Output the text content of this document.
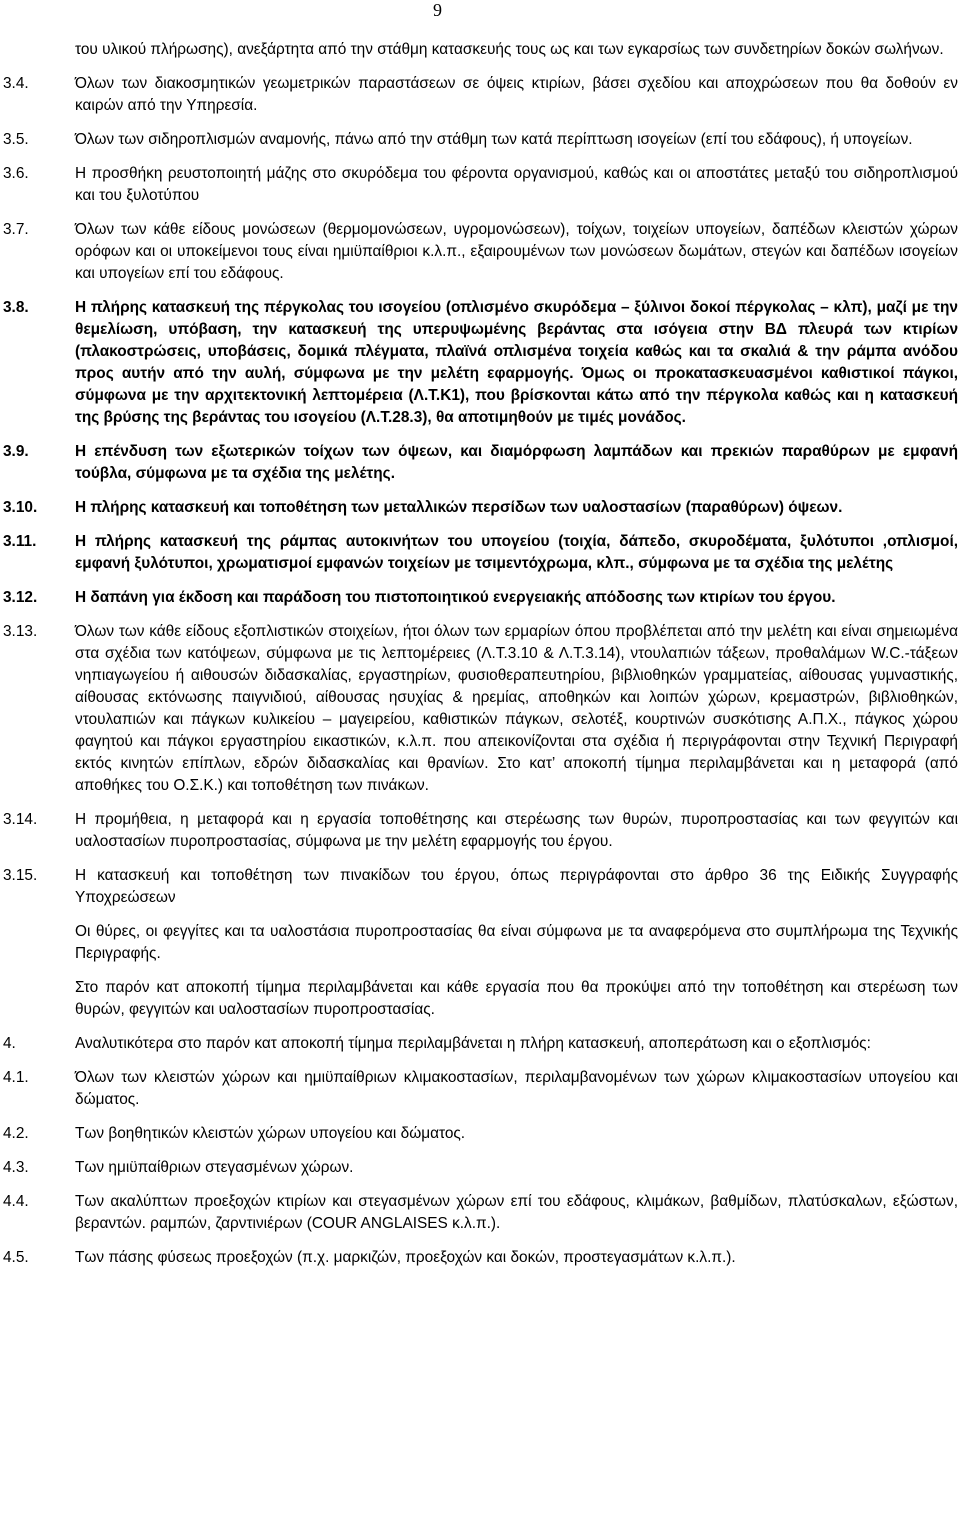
9
του υλικού πλήρωσης), ανεξάρτητα από την στάθμη κατασκευής τους ως και των εγκαρσίως των συνδετηρίων δοκών σωλήνων.
3.4.	Όλων των διακοσμητικών γεωμετρικών παραστάσεων σε όψεις κτιρίων, βάσει σχεδίου και αποχρώσεων που θα δοθούν εν καιρών από την Υπηρεσία.
3.5.	Όλων των σιδηροπλισμών αναμονής, πάνω από την στάθμη των κατά περίπτωση ισογείων (επί του εδάφους), ή υπογείων.
3.6.	Η προσθήκη ρευστοποιητή μάζης στο σκυρόδεμα του φέροντα οργανισμού, καθώς και οι αποστάτες μεταξύ του σιδηροπλισμού και του ξυλοτύπου
3.7.	Όλων των κάθε είδους μονώσεων (θερμομονώσεων, υγρομονώσεων), τοίχων, τοιχείων υπογείων, δαπέδων κλειστών χώρων ορόφων και οι υποκείμενοι τους είναι ημιϋπαίθριοι κ.λ.π., εξαιρουμένων των μονώσεων δωμάτων, στεγών και δαπέδων ισογείων και υπογείων επί του εδάφους.
3.8.	Η πλήρης κατασκευή της πέργκολας του ισογείου (οπλισμένο σκυρόδεμα – ξύλινοι δοκοί πέργκολας – κλπ), μαζί με την θεμελίωση, υπόβαση, την κατασκευή της υπερυψωμένης βεράντας στα ισόγεια στην ΒΔ πλευρά των κτιρίων (πλακοστρώσεις, υποβάσεις, δομικά πλέγματα, πλαϊνά οπλισμένα τοιχεία καθώς και τα σκαλιά & την ράμπα ανόδου προς αυτήν από την αυλή, σύμφωνα με την μελέτη εφαρμογής. Όμως οι προκατασκευασμένοι καθιστικοί πάγκοι, σύμφωνα με την αρχιτεκτονική λεπτομέρεια (Λ.Τ.Κ1), που βρίσκονται κάτω από την πέργκολα καθώς και η κατασκευή της βρύσης της βεράντας του ισογείου (Λ.Τ.28.3), θα αποτιμηθούν με τιμές μονάδος.
3.9.	Η επένδυση των εξωτερικών τοίχων των όψεων, και διαμόρφωση λαμπάδων και πρεκιών παραθύρων με εμφανή τούβλα, σύμφωνα με τα σχέδια της μελέτης.
3.10.	Η πλήρης κατασκευή και τοποθέτηση των μεταλλικών περσίδων των υαλοστασίων (παραθύρων) όψεων.
3.11.	Η πλήρης κατασκευή της ράμπας αυτοκινήτων του υπογείου (τοιχία, δάπεδο, σκυροδέματα, ξυλότυποι ,οπλισμοί, εμφανή ξυλότυποι, χρωματισμοί εμφανών τοιχείων με τσιμεντόχρωμα, κλπ., σύμφωνα με τα σχέδια της μελέτης
3.12.	Η δαπάνη για έκδοση και παράδοση του πιστοποιητικού ενεργειακής απόδοσης των κτιρίων του έργου.
3.13.	Όλων των κάθε είδους εξοπλιστικών στοιχείων, ήτοι όλων των ερμαρίων όπου προβλέπεται από την μελέτη και είναι σημειωμένα στα σχέδια των κατόψεων, σύμφωνα με τις λεπτομέρειες (Λ.Τ.3.10 & Λ.Τ.3.14), ντουλαπιών τάξεων, προθαλάμων W.C.-τάξεων νηπιαγωγείου ή αιθουσών διδασκαλίας, εργαστηρίων, φυσιοθεραπευτηρίου, βιβλιοθηκών γραμματείας, αίθουσας γυμναστικής, αίθουσας εκτόνωσης παιγνιδιού, αίθουσας ησυχίας & ηρεμίας, αποθηκών και λοιπών χώρων, κρεμαστρών, βιβλιοθηκών, ντουλαπιών και πάγκων κυλικείου – μαγειρείου, καθιστικών πάγκων, σελοτέξ, κουρτινών συσκότισης Α.Π.Χ., πάγκος χώρου φαγητού και πάγκοι εργαστηρίου εικαστικών, κ.λ.π. που απεικονίζονται στα σχέδια ή περιγράφονται στην Τεχνική Περιγραφή εκτός κινητών επίπλων, εδρών διδασκαλίας και θρανίων. Στο κατ’ αποκοπή τίμημα περιλαμβάνεται και η μεταφορά (από αποθήκες του Ο.Σ.Κ.) και τοποθέτηση των πινάκων.
3.14.	Η προμήθεια, η μεταφορά και η εργασία τοποθέτησης και στερέωσης των θυρών, πυροπροστασίας και των φεγγιτών και υαλοστασίων πυροπροστασίας, σύμφωνα με την μελέτη εφαρμογής του έργου.
3.15.	Η κατασκευή και τοποθέτηση των πινακίδων του έργου, όπως περιγράφονται στο άρθρο 36 της Ειδικής Συγγραφής Υποχρεώσεων
Οι θύρες, οι φεγγίτες και τα υαλοστάσια πυροπροστασίας θα είναι σύμφωνα με τα αναφερόμενα στο συμπλήρωμα της Τεχνικής Περιγραφής.
Στο παρόν κατ αποκοπή τίμημα περιλαμβάνεται και κάθε εργασία που θα προκύψει από την τοποθέτηση και στερέωση των θυρών, φεγγιτών και υαλοστασίων πυροπροστασίας.
4.	Αναλυτικότερα στο παρόν κατ αποκοπή τίμημα περιλαμβάνεται η πλήρη κατασκευή, αποπεράτωση και ο εξοπλισμός:
4.1.	Όλων των κλειστών χώρων και ημιϋπαίθριων κλιμακοστασίων, περιλαμβανομένων των χώρων κλιμακοστασίων υπογείου και δώματος.
4.2.	Των βοηθητικών κλειστών χώρων υπογείου και δώματος.
4.3.	Των ημιϋπαίθριων στεγασμένων χώρων.
4.4.	Των ακαλύπτων προεξοχών κτιρίων και στεγασμένων χώρων επί του εδάφους, κλιμάκων, βαθμίδων, πλατύσκαλων, εξώστων, βεραντών. ραμπών, ζαρντινιέρων (COUR ANGLAISES κ.λ.π.).
4.5.	Των πάσης φύσεως προεξοχών (π.χ. μαρκιζών, προεξοχών και δοκών, προστεγασμάτων κ.λ.π.).
